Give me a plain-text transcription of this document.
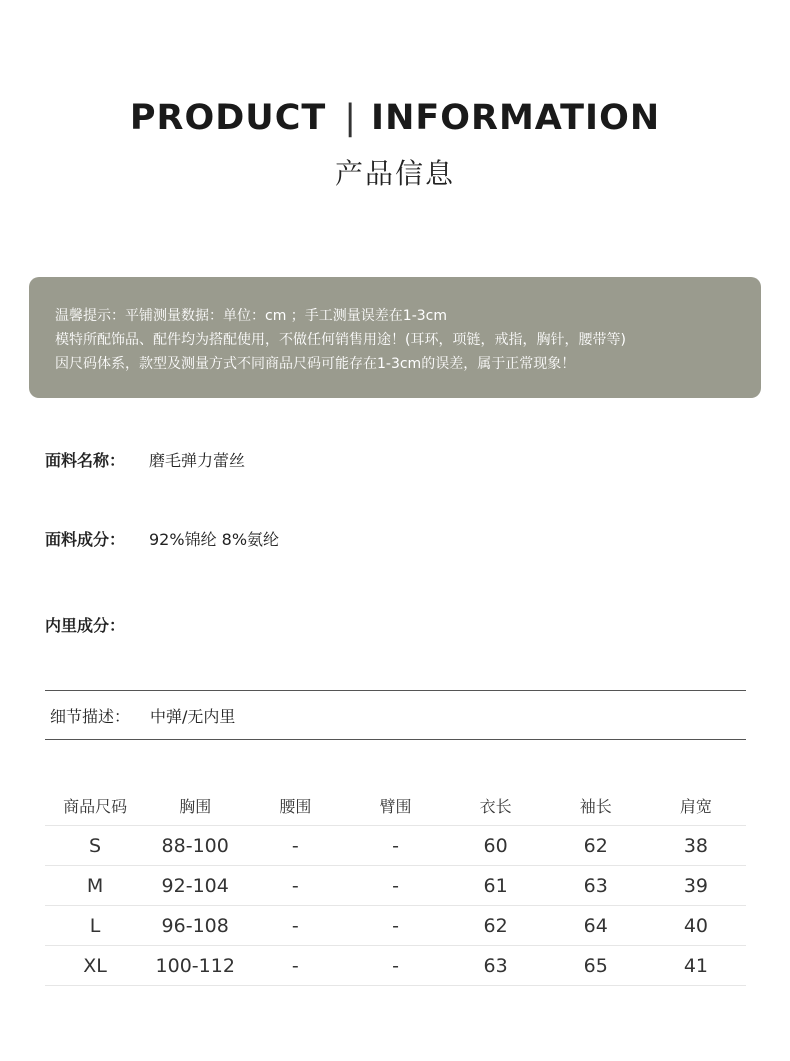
PRODUCT | INFORMATION
产品信息
温馨提示：平铺测量数据：单位：cm ；手工测量误差在1-3cm
模特所配饰品、配件均为搭配使用，不做任何销售用途！(耳环，项链，戒指，胸针，腰带等)
因尺码体系，款型及测量方式不同商品尺码可能存在1-3cm的误差，属于正常现象！
面料名称： 磨毛弹力蕾丝
面料成分： 92%锦纶 8%氨纶
内里成分：
细节描述： 中弹/无内里
商品尺码	胸围	腰围	臂围	衣长	袖长	肩宽
S	88-100	-	-	60	62	38
M	92-104	-	-	61	63	39
L	96-108	-	-	62	64	40
XL	100-112	-	-	63	65	41
